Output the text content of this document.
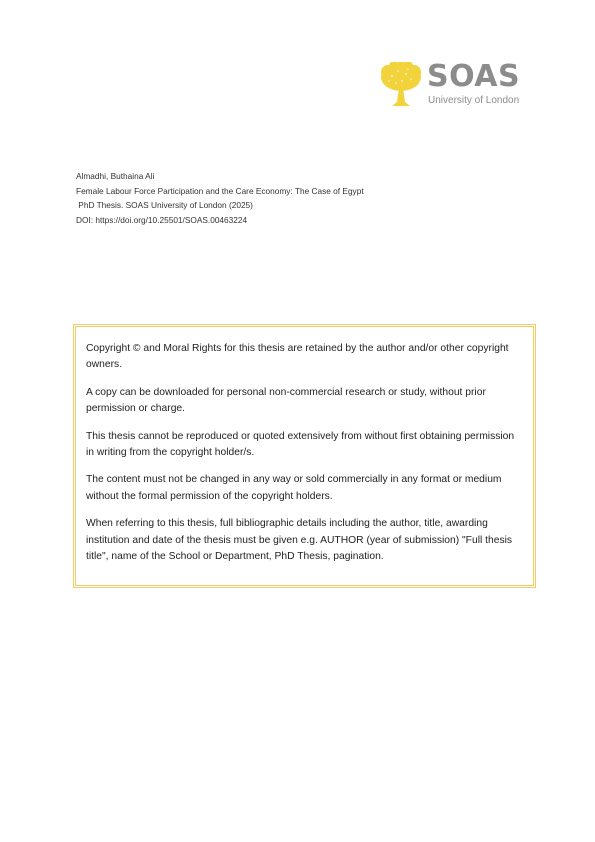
SOAS
University of London
Almadhi, Buthaina Ali
Female Labour Force Participation and the Care Economy: The Case of Egypt
PhD Thesis. SOAS University of London (2025)
DOI: https://doi.org/10.25501/SOAS.00463224

Copyright © and Moral Rights for this thesis are retained by the author and/or other copyright owners.

A copy can be downloaded for personal non-commercial research or study, without prior permission or charge.

This thesis cannot be reproduced or quoted extensively from without first obtaining permission in writing from the copyright holder/s.

The content must not be changed in any way or sold commercially in any format or medium without the formal permission of the copyright holders.

When referring to this thesis, full bibliographic details including the author, title, awarding institution and date of the thesis must be given e.g. AUTHOR (year of submission) "Full thesis title", name of the School or Department, PhD Thesis, pagination.
